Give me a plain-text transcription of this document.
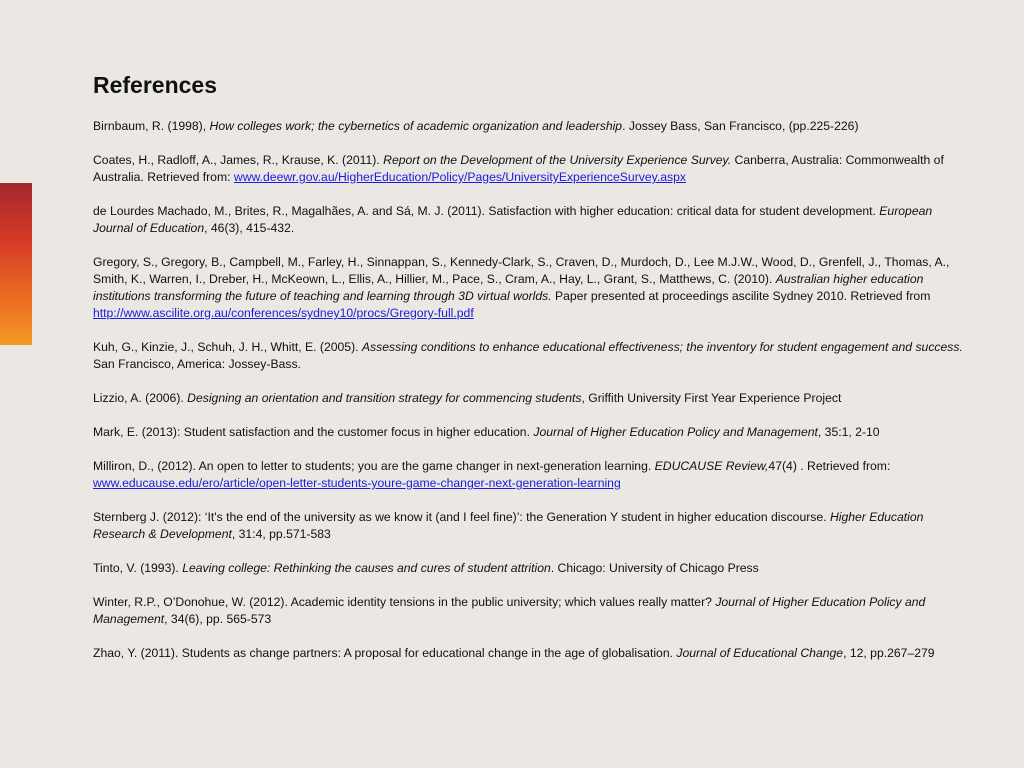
References
Birnbaum, R. (1998), How colleges work; the cybernetics of academic organization and leadership. Jossey Bass, San Francisco, (pp.225-226)
Coates, H., Radloff, A., James, R., Krause, K. (2011). Report on the Development of the University Experience Survey. Canberra, Australia: Commonwealth of Australia. Retrieved from: www.deewr.gov.au/HigherEducation/Policy/Pages/UniversityExperienceSurvey.aspx
de Lourdes Machado, M., Brites, R., Magalhães, A. and Sá, M. J. (2011). Satisfaction with higher education: critical data for student development. European Journal of Education, 46(3), 415-432.
Gregory, S., Gregory, B., Campbell, M., Farley, H., Sinnappan, S., Kennedy-Clark, S., Craven, D., Murdoch, D., Lee M.J.W., Wood, D., Grenfell, J., Thomas, A., Smith, K., Warren, I., Dreber, H., McKeown, L., Ellis, A., Hillier, M., Pace, S., Cram, A., Hay, L., Grant, S., Matthews, C. (2010). Australian higher education institutions transforming the future of teaching and learning through 3D virtual worlds. Paper presented at proceedings ascilite Sydney 2010. Retrieved from http://www.ascilite.org.au/conferences/sydney10/procs/Gregory-full.pdf
Kuh, G., Kinzie, J., Schuh, J. H., Whitt, E. (2005). Assessing conditions to enhance educational effectiveness; the inventory for student engagement and success. San Francisco, America: Jossey-Bass.
Lizzio, A. (2006). Designing an orientation and transition strategy for commencing students, Griffith University First Year Experience Project
Mark, E. (2013): Student satisfaction and the customer focus in higher education. Journal of Higher Education Policy and Management, 35:1, 2-10
Milliron, D., (2012). An open to letter to students; you are the game changer in next-generation learning. EDUCAUSE Review,47(4) . Retrieved from: www.educause.edu/ero/article/open-letter-students-youre-game-changer-next-generation-learning
Sternberg J. (2012): ‘It's the end of the university as we know it (and I feel fine)’: the Generation Y student in higher education discourse. Higher Education Research & Development, 31:4, pp.571-583
Tinto, V. (1993). Leaving college: Rethinking the causes and cures of student attrition. Chicago: University of Chicago Press
Winter, R.P., O’Donohue, W. (2012). Academic identity tensions in the public university; which values really matter? Journal of Higher Education Policy and Management, 34(6), pp. 565-573
Zhao, Y. (2011). Students as change partners: A proposal for educational change in the age of globalisation. Journal of Educational Change, 12, pp.267–279
